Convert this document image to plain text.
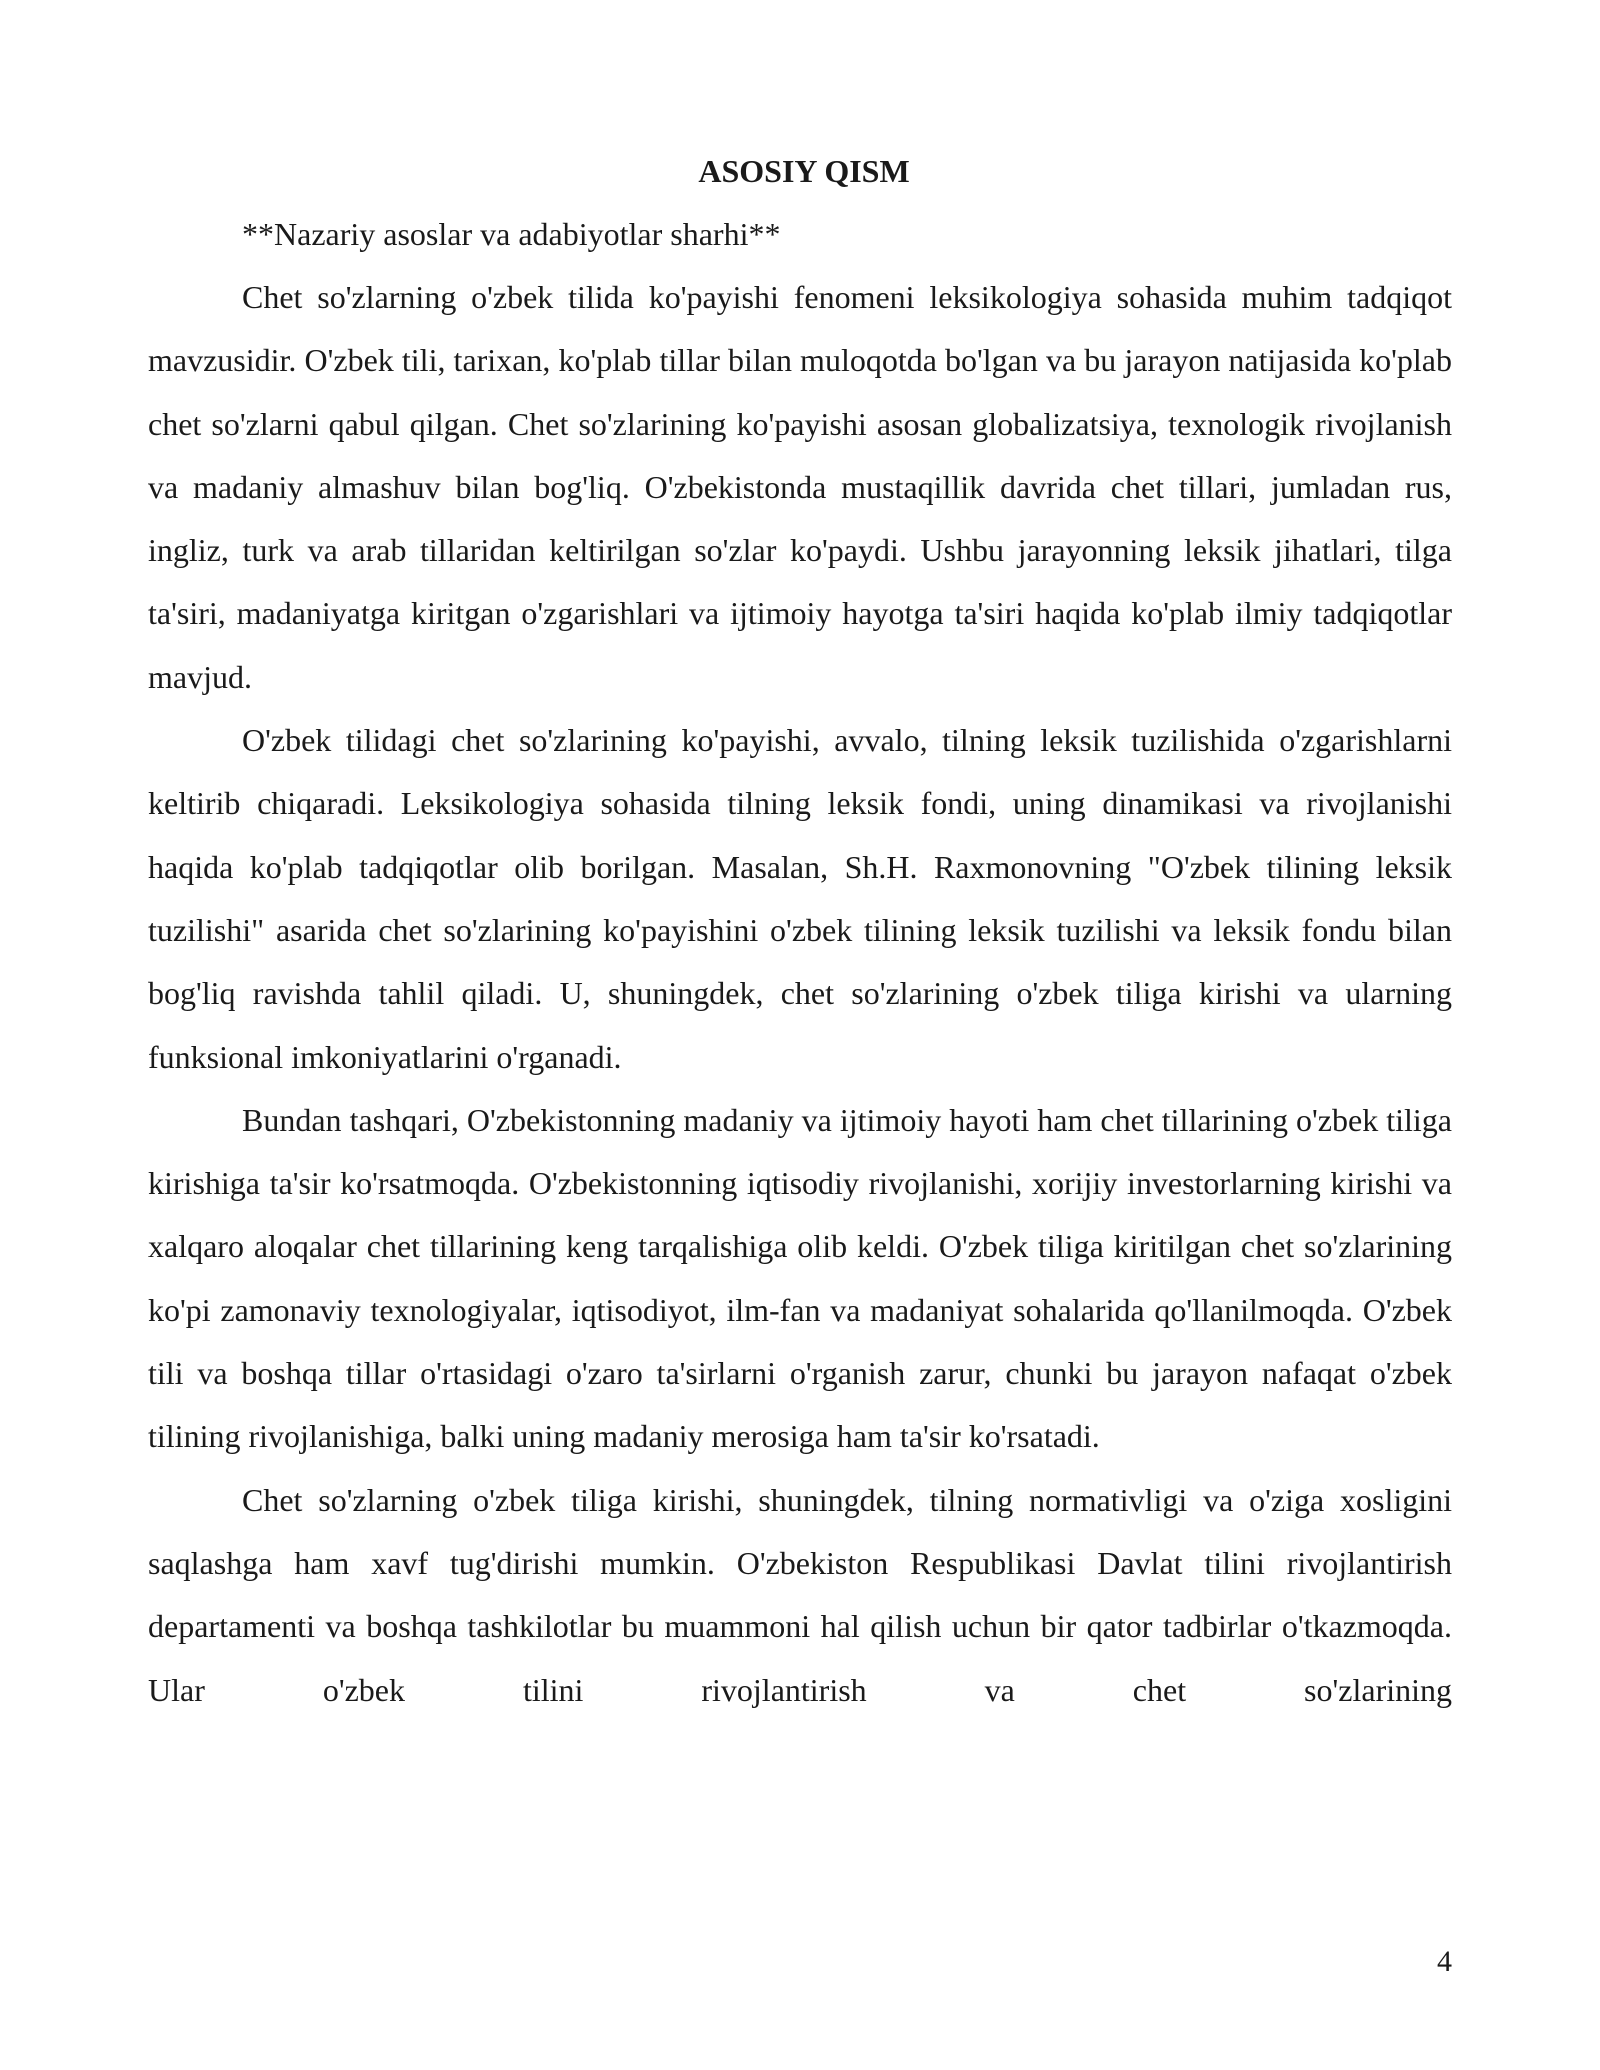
ASOSIY QISM

**Nazariy asoslar va adabiyotlar sharhi**

Chet so'zlarning o'zbek tilida ko'payishi fenomeni leksikologiya sohasida muhim tadqiqot mavzusidir. O'zbek tili, tarixan, ko'plab tillar bilan muloqotda bo'lgan va bu jarayon natijasida ko'plab chet so'zlarni qabul qilgan. Chet so'zlarining ko'payishi asosan globalizatsiya, texnologik rivojlanish va madaniy almashuv bilan bog'liq. O'zbekistonda mustaqillik davrida chet tillari, jumladan rus, ingliz, turk va arab tillaridan keltirilgan so'zlar ko'paydi. Ushbu jarayonning leksik jihatlari, tilga ta'siri, madaniyatga kiritgan o'zgarishlari va ijtimoiy hayotga ta'siri haqida ko'plab ilmiy tadqiqotlar mavjud.

O'zbek tilidagi chet so'zlarining ko'payishi, avvalo, tilning leksik tuzilishida o'zgarishlarni keltirib chiqaradi. Leksikologiya sohasida tilning leksik fondi, uning dinamikasi va rivojlanishi haqida ko'plab tadqiqotlar olib borilgan. Masalan, Sh.H. Raxmonovning "O'zbek tilining leksik tuzilishi" asarida chet so'zlarining ko'payishini o'zbek tilining leksik tuzilishi va leksik fondu bilan bog'liq ravishda tahlil qiladi. U, shuningdek, chet so'zlarining o'zbek tiliga kirishi va ularning funksional imkoniyatlarini o'rganadi.

Bundan tashqari, O'zbekistonning madaniy va ijtimoiy hayoti ham chet tillarining o'zbek tiliga kirishiga ta'sir ko'rsatmoqda. O'zbekistonning iqtisodiy rivojlanishi, xorijiy investorlarning kirishi va xalqaro aloqalar chet tillarining keng tarqalishiga olib keldi. O'zbek tiliga kiritilgan chet so'zlarining ko'pi zamonaviy texnologiyalar, iqtisodiyot, ilm-fan va madaniyat sohalarida qo'llanilmoqda. O'zbek tili va boshqa tillar o'rtasidagi o'zaro ta'sirlarni o'rganish zarur, chunki bu jarayon nafaqat o'zbek tilining rivojlanishiga, balki uning madaniy merosiga ham ta'sir ko'rsatadi.

Chet so'zlarning o'zbek tiliga kirishi, shuningdek, tilning normativligi va o'ziga xosligini saqlashga ham xavf tug'dirishi mumkin. O'zbekiston Respublikasi Davlat tilini rivojlantirish departamenti va boshqa tashkilotlar bu muammoni hal qilish uchun bir qator tadbirlar o'tkazmoqda. Ular o'zbek tilini rivojlantirish va chet so'zlarining

4
